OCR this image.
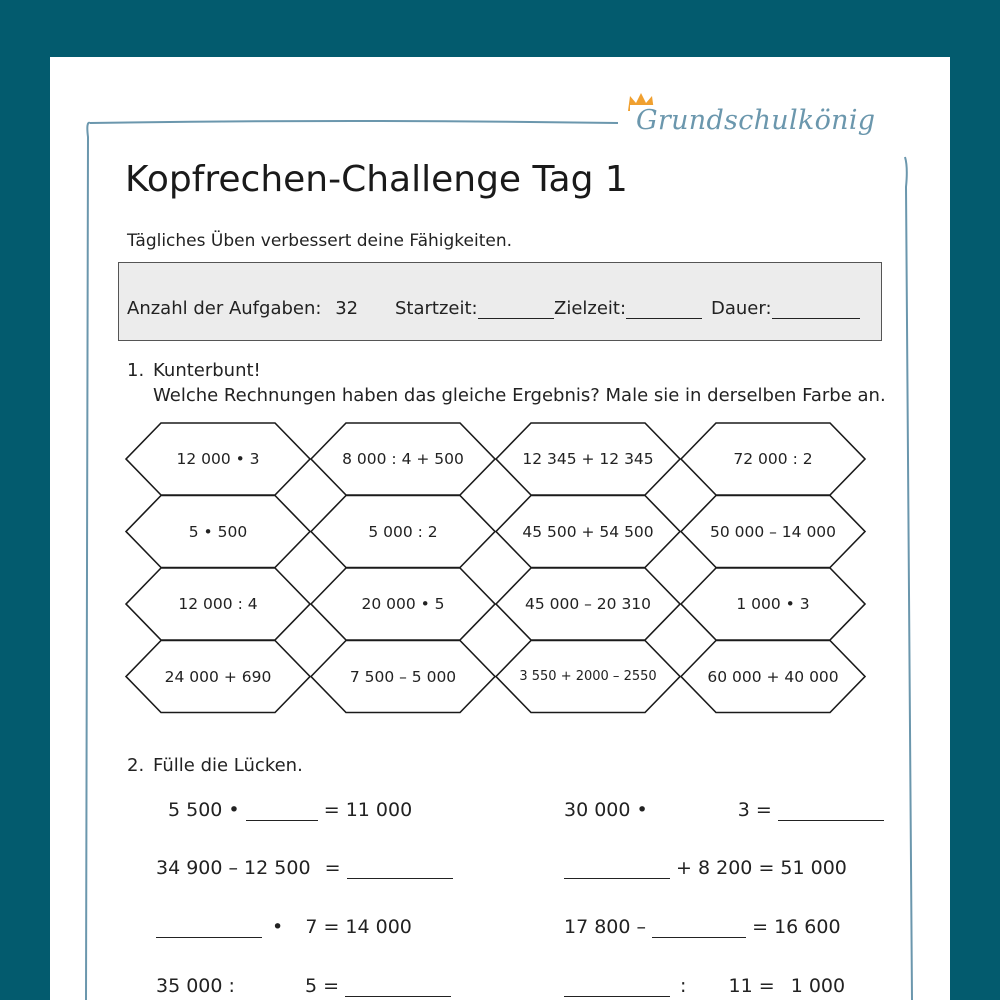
Grundschulkönig
Kopfrechen-Challenge Tag 1
Tägliches Üben verbessert deine Fähigkeiten.
Anzahl der Aufgaben: 32 Startzeit:	Zielzeit:	Dauer:
1. Kunterbunt!
Welche Rechnungen haben das gleiche Ergebnis? Male sie in derselben Farbe an.
12 000 • 3	8 000 : 4 + 500	12 345 + 12 345	72 000 : 2
5 • 500	5 000 : 2	45 500 + 54 500	50 000 – 14 000
12 000 : 4	20 000 • 5	45 000 – 20 310	1 000 • 3
24 000 + 690	7 500 – 5 000	3 550 + 2000 – 2550	60 000 + 40 000
2. Fülle die Lücken.
5 500 •	= 11 000
34 900 – 12 500 =
• 7 = 14 000
35 000 :	5 =
30 000 •	3 =
+ 8 200 = 51 000
17 800 –	= 16 600
: 11 = 1 000
